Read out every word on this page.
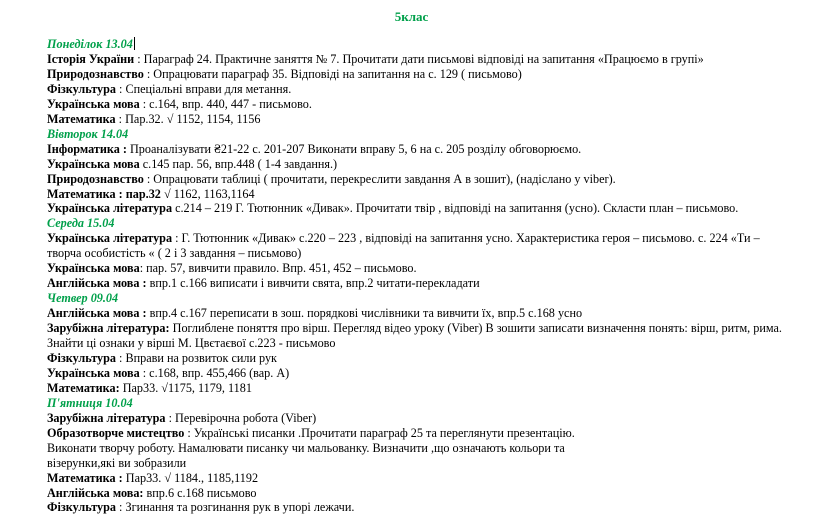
5клас
Понеділок 13.04
Історія України : Параграф 24. Практичне заняття № 7. Прочитати дати письмові відповіді на запитання «Працюємо в групі»
Природознавство : Опрацювати параграф 35. Відповіді на запитання на с. 129 ( письмово)
Фізкультура : Спеціальні вправи для метання.
Українська мова : с.164, впр. 440, 447 - письмово.
Математика : Пар.32. √ 1152, 1154, 1156
Вівторок 14.04
Інформатика : Проаналізувати ₴21-22 с. 201-207 Виконати вправу 5, 6 на с. 205 розділу обговорюємо.
Українська мова с.145 пар. 56, впр.448 ( 1-4 завдання.)
Природознавство : Опрацювати таблиці ( прочитати, перекреслити завдання А в зошит), (надіслано у viber).
Математика : пар.32 √ 1162, 1163,1164
Українська література с.214 – 219 Г. Тютюнник «Дивак». Прочитати твір , відповіді на запитання (усно). Скласти план – письмово.
Середа 15.04
Українська література : Г. Тютюнник «Дивак» с.220 – 223 , відповіді на запитання усно. Характеристика героя – письмово. с. 224 «Ти –
творча особистість « ( 2 і 3 завдання – письмово)
Українська мова: пар. 57, вивчити правило. Впр. 451, 452 – письмово.
Англійська мова : впр.1 с.166 виписати і вивчити свята, впр.2 читати-перекладати
Четвер 09.04
Англійська мова : впр.4 с.167 переписати в зош. порядкові числівники та вивчити їх, впр.5 с.168 усно
Зарубіжна література: Поглиблене поняття про вірш. Перегляд відео уроку (Viber) В зошити записати визначення понять: вірш, ритм, рима.
Знайти ці ознаки у вірші М. Цвєтаєвої с.223 - письмово
Фізкультура : Вправи на розвиток сили рук
Українська мова : с.168, впр. 455,466 (вар. А)
Математика: Пар33. √1175, 1179, 1181
П'ятниця 10.04
Зарубіжна література : Перевірочна робота (Viber)
Образотворче мистецтво : Українські писанки .Прочитати параграф 25 та переглянути презентацію.
Виконати творчу роботу. Намалювати писанку чи мальованку. Визначити ,що означають кольори та
візерунки,які ви зобразили
Математика : Пар33. √ 1184., 1185,1192
Англійська мова: впр.6 с.168 письмово
Фізкультура : Згинання та розгинання рук в упорі лежачи.
